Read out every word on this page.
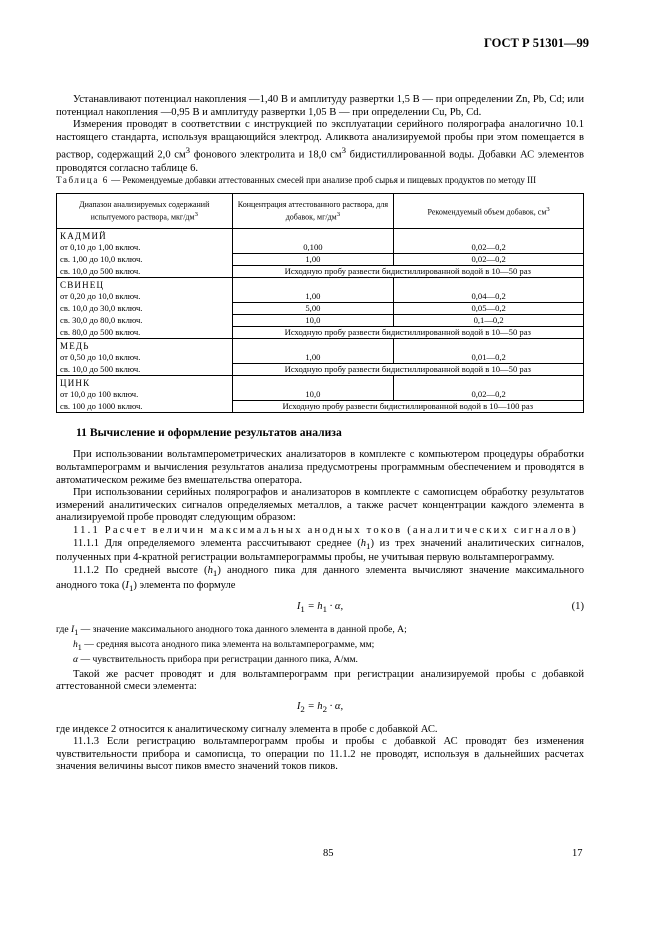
ГОСТ Р 51301—99

Устанавливают потенциал накопления —1,40 В и амплитуду развертки 1,5 В — при определении Zn, Pb, Cd; или потенциал накопления —0,95 В и амплитуду развертки 1,05 В — при определении Cu, Pb, Cd.

Измерения проводят в соответствии с инструкцией по эксплуатации серийного полярографа аналогично 10.1 настоящего стандарта, используя вращающийся электрод. Аликвота анализируемой пробы при этом помещается в раствор, содержащий 2,0 $см^3$ фонового электролита и 18,0 $см^3$ бидистиллированной воды. Добавки АС элементов проводятся согласно таблице 6.

Таблица 6 — Рекомендуемые добавки аттестованных смесей при анализе проб сырья и пищевых продуктов по методу III

Диапазон анализируемых содержаний испытуемого раствора, мкг/$дм^3$	Концентрация аттестованного раствора, для добавок, $мг/дм^3$	Рекомендуемый объем добавок, $см^3$
КАДМИЙ		
от 0,10 до 1,00 включ.	0,100	0,02—0,2
св. 1,00 до 10,0 включ.	1,00	0,02—0,2
св. 10,0 до 500 включ.	Исходную пробу развести бидистиллированной водой в 10—50 раз	
СВИНЕЦ		
от 0,20 до 10,0 включ.	1,00	0,04—0,2
св. 10,0 до 30,0 включ.	5,00	0,05—0,2
св. 30,0 до 80,0 включ.	10,0	0,1—0,2
св. 80,0 до 500 включ.	Исходную пробу развести бидистиллированной водой в 10—50 раз	
МЕДЬ		
от 0,50 до 10,0 включ.	1,00	0,01—0,2
св. 10,0 до 500 включ.	Исходную пробу развести бидистиллированной водой в 10—50 раз	
ЦИНК		
от 10,0 до 100 включ.	10,0	0,02—0,2
св. 100 до 1000 включ.	Исходную пробу развести бидистиллированной водой в 10—100 раз	
11 Вычисление и оформление результатов анализа

При использовании вольтамперометрических анализаторов в комплекте с компьютером процедуры обработки вольтамперограмм и вычисления результатов анализа предусмотрены программным обеспечением и проводятся в автоматическом режиме без вмешательства оператора.

При использовании серийных полярографов и анализаторов в комплекте с самописцем обработку результатов измерений аналитических сигналов определяемых металлов, а также расчет концентрации каждого элемента в анализируемой пробе проводят следующим образом:

11.1 Расчет величин максимальных анодных токов (аналитических сигналов)

11.1.1 Для определяемого элемента рассчитывают среднее $(h_1)$ из трех значений аналитических сигналов, полученных при 4-кратной регистрации вольтамперограммы пробы, не учитывая первую вольтамперограмму.

11.1.2 По средней высоте $(h_1)$ анодного пика для данного элемента вычисляют значение максимального анодного тока $(I_1)$ элемента по формуле

$I_1 = h_1 \cdot \alpha$,	(1)
где $I_1$ — значение максимального анодного тока данного элемента в данной пробе, А;
$h_1$ — средняя высота анодного пика элемента на вольтамперограмме, мм;
α — чувствительность прибора при регистрации данного пика, А/мм.

Такой же расчет проводят и для вольтамперограмм при регистрации анализируемой пробы с добавкой аттестованной смеси элемента:

$I_2 = h_2 \cdot \alpha$,

где индексе 2 относится к аналитическому сигналу элемента в пробе с добавкой АС.

11.1.3 Если регистрацию вольтамперограмм пробы и пробы с добавкой АС проводят без изменения чувствительности прибора и самописца, то операции по 11.1.2 не проводят, используя в дальнейших расчетах значения величины высот пиков вместо значений токов пиков.

85	17
